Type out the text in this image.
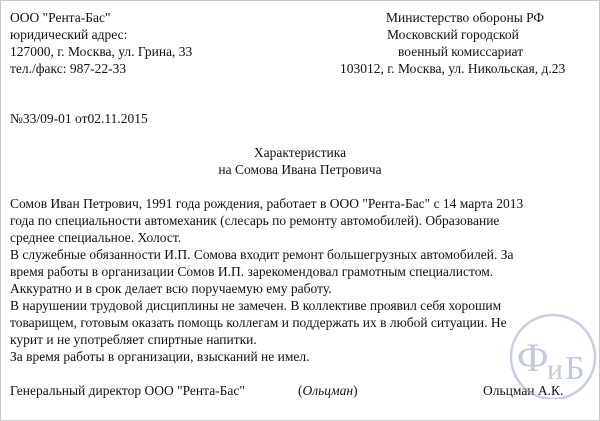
ООО "Рента-Бас"
юридический адрес:
127000, г. Москва, ул. Грина, 33
тел./факс: 987-22-33
Министерство обороны РФ
Московский городской
военный комиссариат
103012, г. Москва, ул. Никольская, д.23
№33/09-01 от02.11.2015
Характеристика
на Сомова Ивана Петровича
Сомов Иван Петрович, 1991 года рождения, работает в ООО "Рента-Бас" с 14 марта 2013
года по специальности автомеханик (слесарь по ремонту автомобилей). Образование
среднее специальное. Холост.
В служебные обязанности И.П. Сомова входит ремонт большегрузных автомобилей. За
время работы в организации Сомов И.П. зарекомендовал грамотным специалистом.
Аккуратно и в срок делает всю поручаемую ему работу.
В нарушении трудовой дисциплины не замечен. В коллективе проявил себя хорошим
товарищем, готовым оказать помощь коллегам и поддержать их в любой ситуации. Не
курит и не употребляет спиртные напитки.
За время работы в организации, взысканий не имел.
Генеральный директор ООО "Рента-Бас"	(Ольцман)	Ольцман А.К.
Ф
и Б
